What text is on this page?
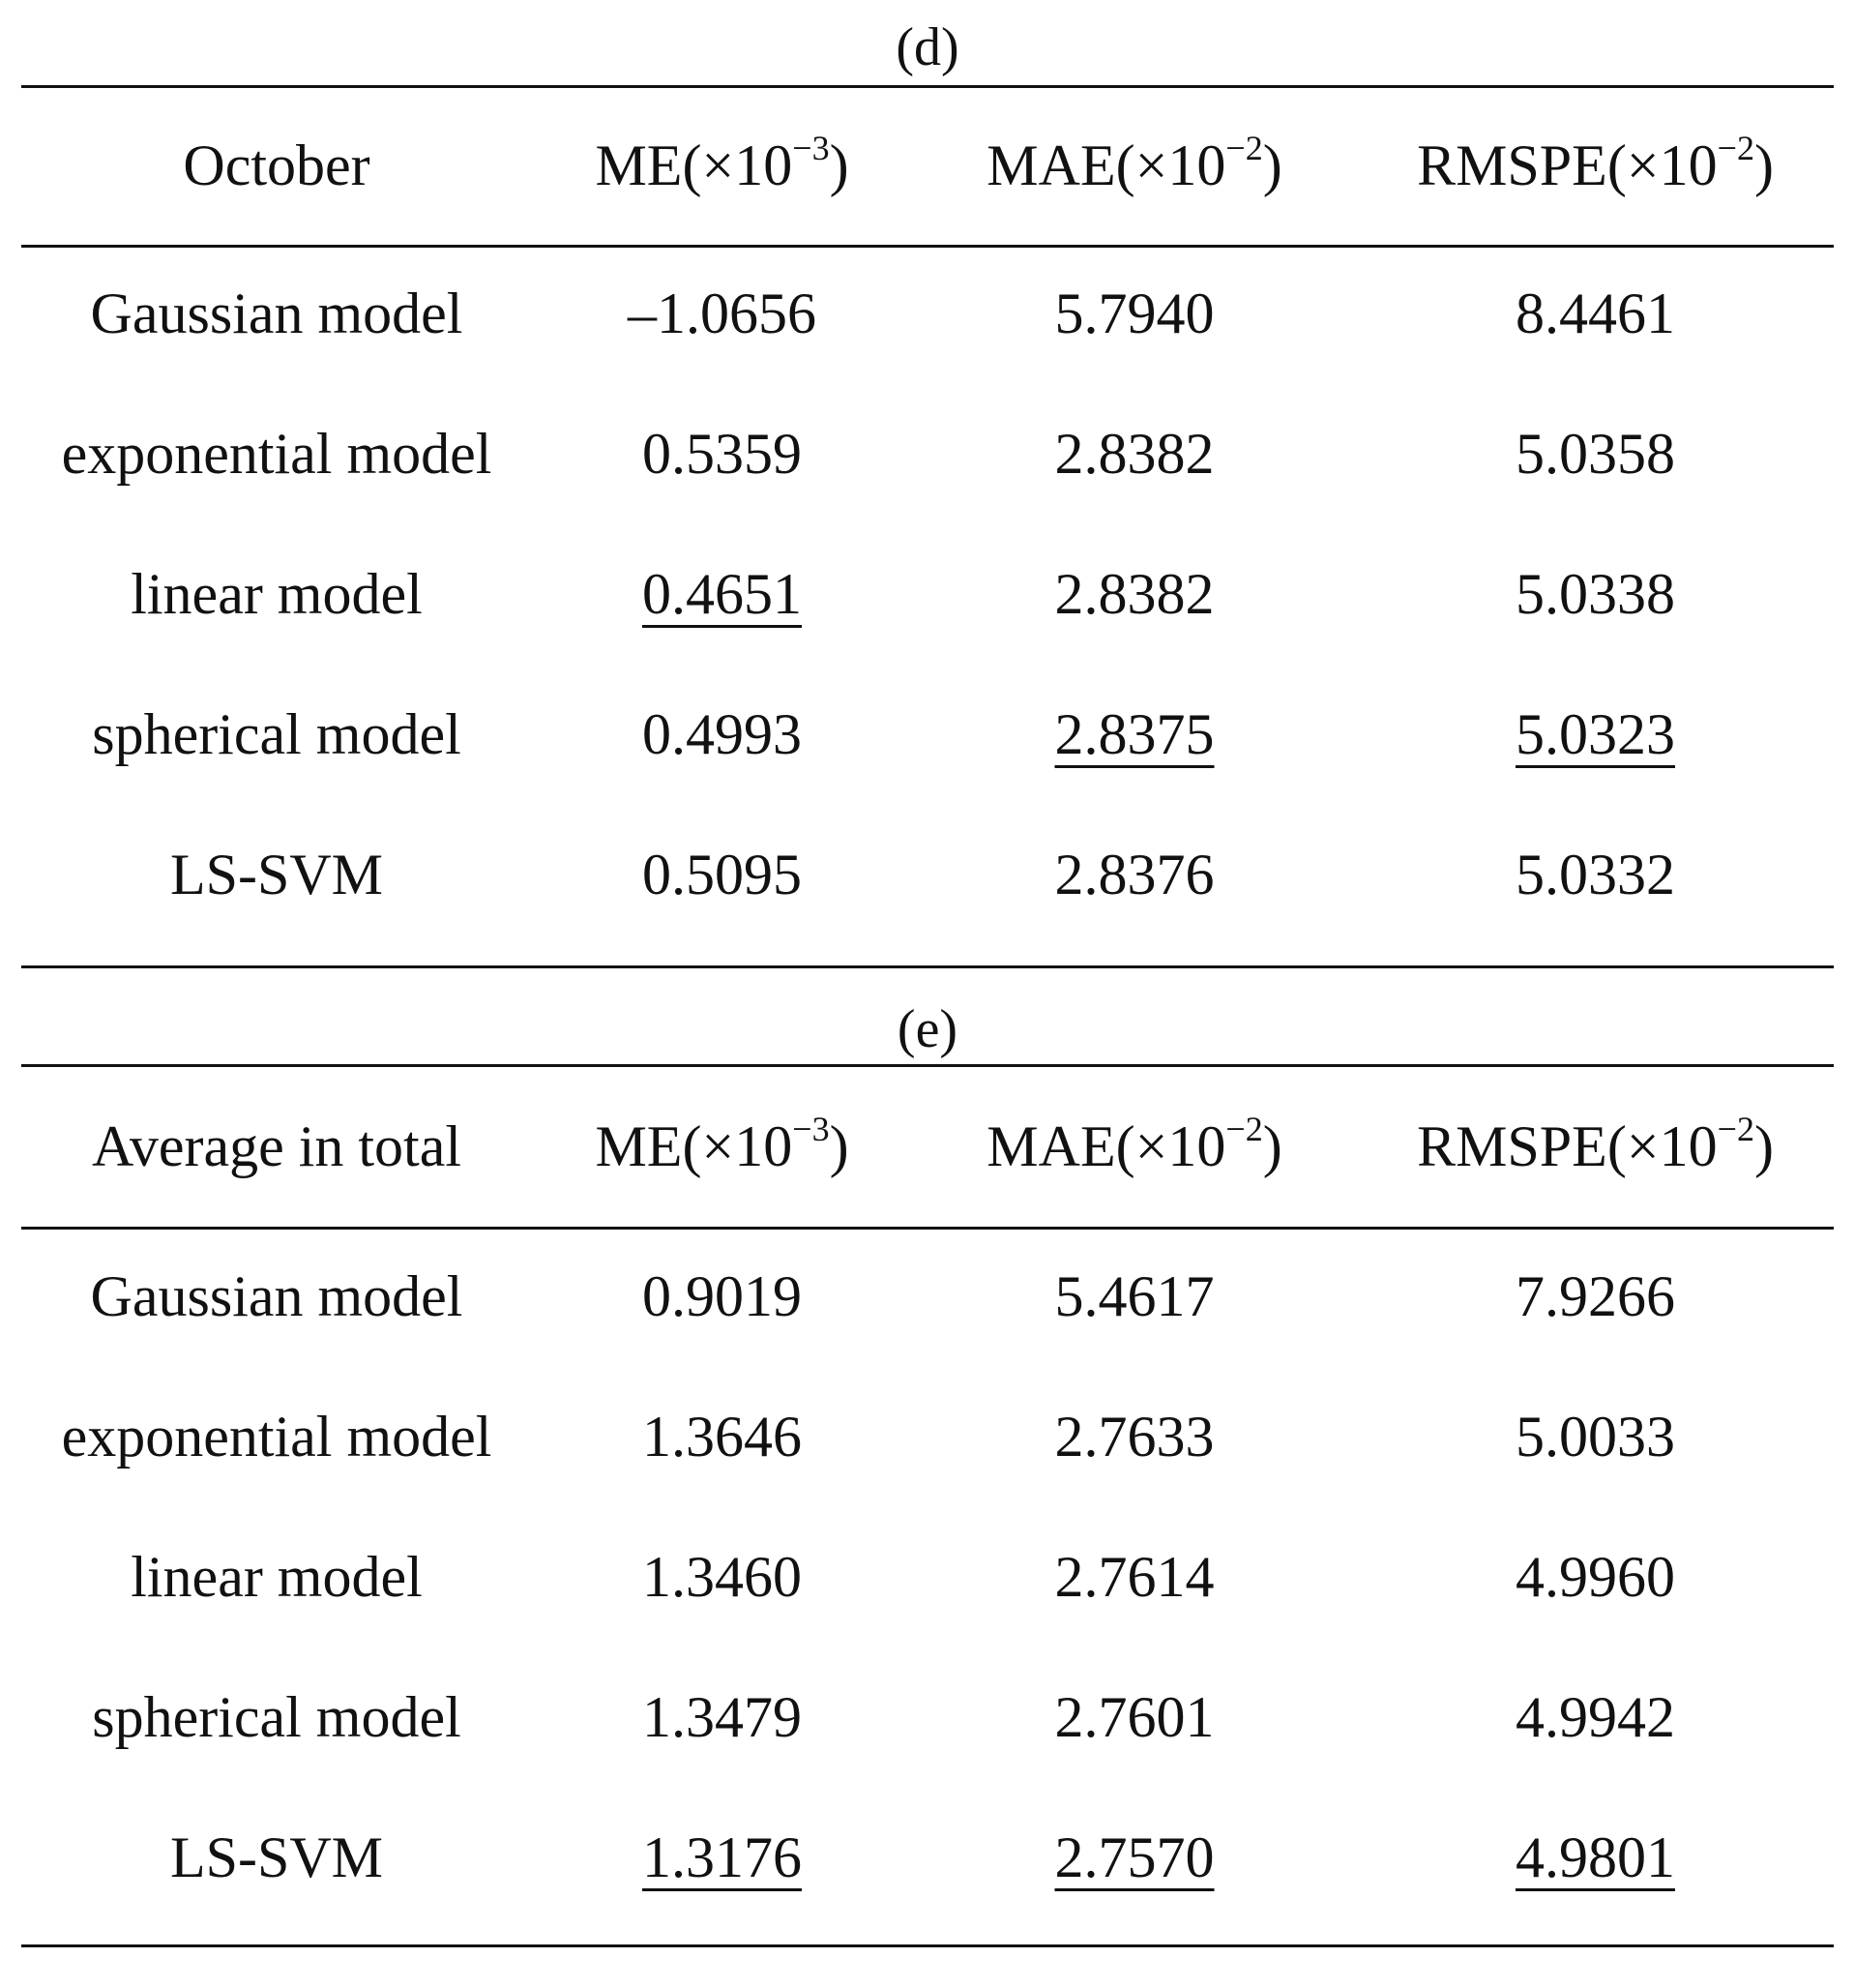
(d)
October	$ME(\times 10^{-3})$	$MAE(\times 10^{-2})$	$RMSPE(\times 10^{-2})$
Gaussian model	–1.0656	5.7940	8.4461
exponential model	0.5359	2.8382	5.0358
linear model	0.4651	2.8382	5.0338
spherical model	0.4993	2.8375	5.0323
LS-SVM	0.5095	2.8376	5.0332
(e)
Average in total	$ME(\times 10^{-3})$	$MAE(\times 10^{-2})$	$RMSPE(\times 10^{-2})$
Gaussian model	0.9019	5.4617	7.9266
exponential model	1.3646	2.7633	5.0033
linear model	1.3460	2.7614	4.9960
spherical model	1.3479	2.7601	4.9942
LS-SVM	1.3176	2.7570	4.9801
